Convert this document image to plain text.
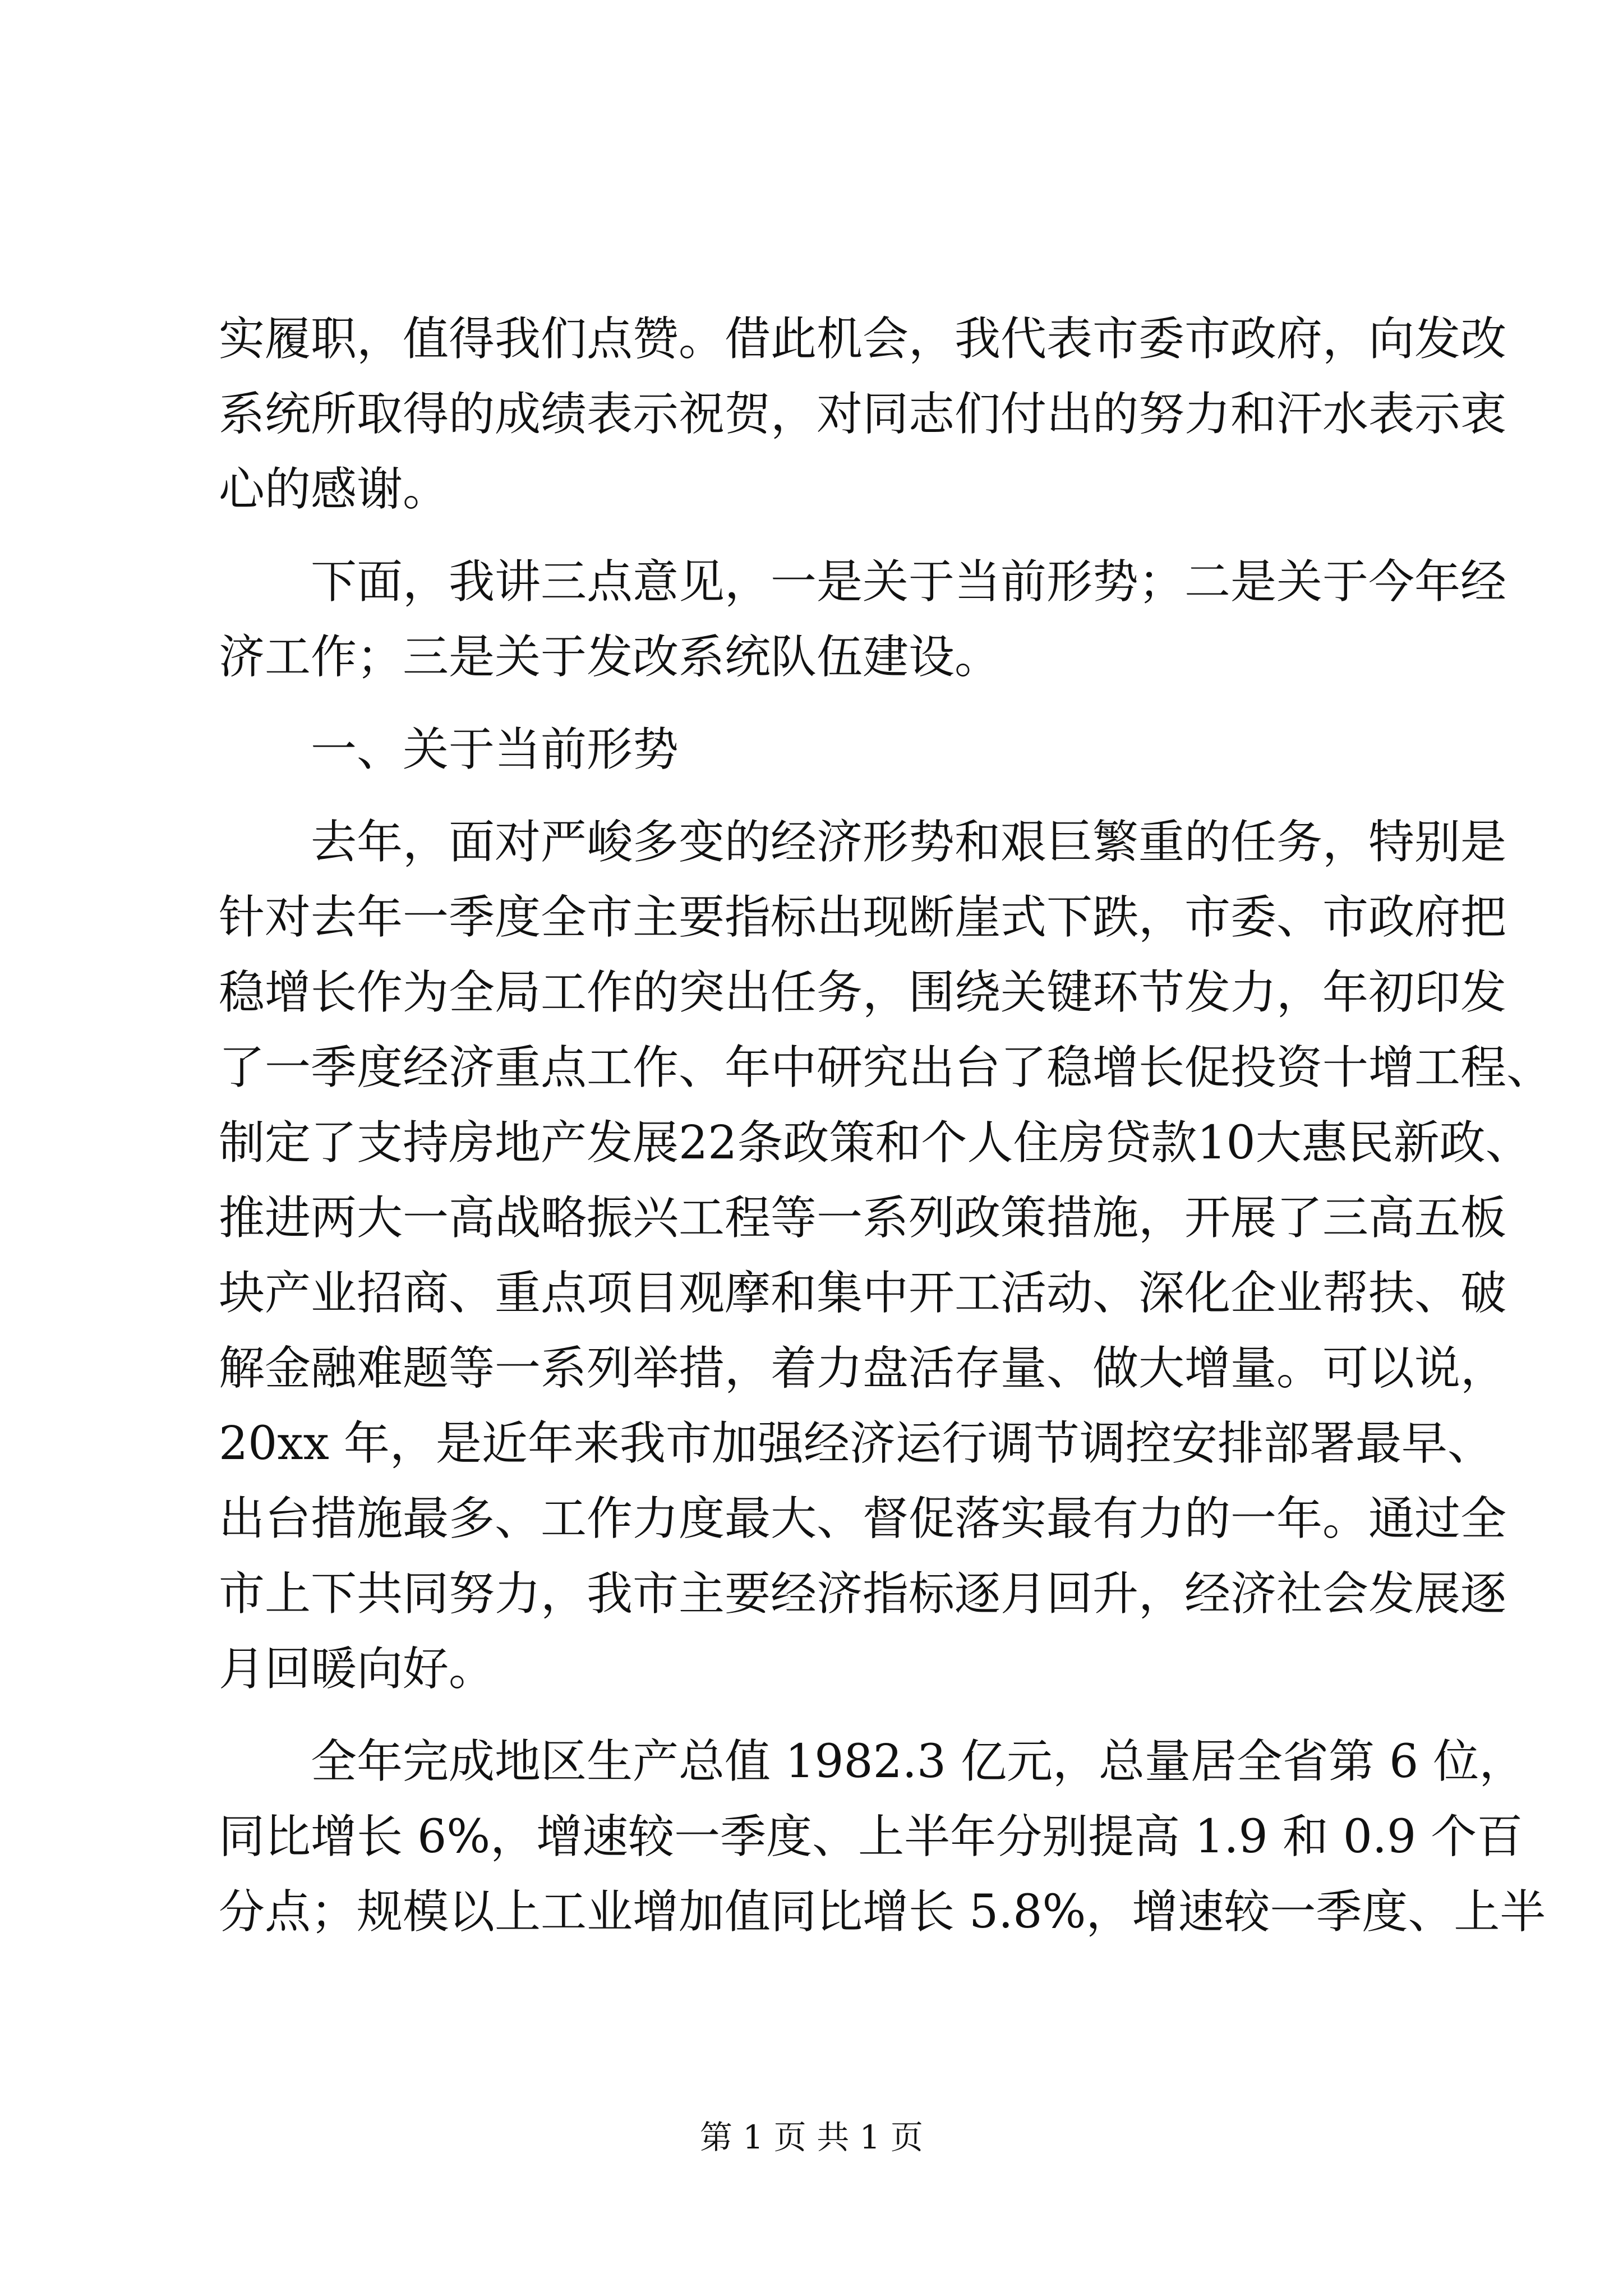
实履职，值得我们点赞。借此机会，我代表市委市政府，向发改
系统所取得的成绩表示祝贺，对同志们付出的努力和汗水表示衷
心的感谢。
下面，我讲三点意见，一是关于当前形势；二是关于今年经
济工作；三是关于发改系统队伍建设。
一、关于当前形势
去年，面对严峻多变的经济形势和艰巨繁重的任务，特别是
针对去年一季度全市主要指标出现断崖式下跌，市委、市政府把
稳增长作为全局工作的突出任务，围绕关键环节发力，年初印发
了一季度经济重点工作、年中研究出台了稳增长促投资十增工程、
制定了支持房地产发展22条政策和个人住房贷款10大惠民新政、
推进两大一高战略振兴工程等一系列政策措施，开展了三高五板
块产业招商、重点项目观摩和集中开工活动、深化企业帮扶、破
解金融难题等一系列举措，着力盘活存量、做大增量。可以说，
20xx 年，是近年来我市加强经济运行调节调控安排部署最早、
出台措施最多、工作力度最大、督促落实最有力的一年。通过全
市上下共同努力，我市主要经济指标逐月回升，经济社会发展逐
月回暖向好。
全年完成地区生产总值 1982.3 亿元，总量居全省第 6 位，
同比增长 6%，增速较一季度、上半年分别提高 1.9 和 0.9 个百
分点；规模以上工业增加值同比增长 5.8%，增速较一季度、上半
第 1 页 共 1 页
